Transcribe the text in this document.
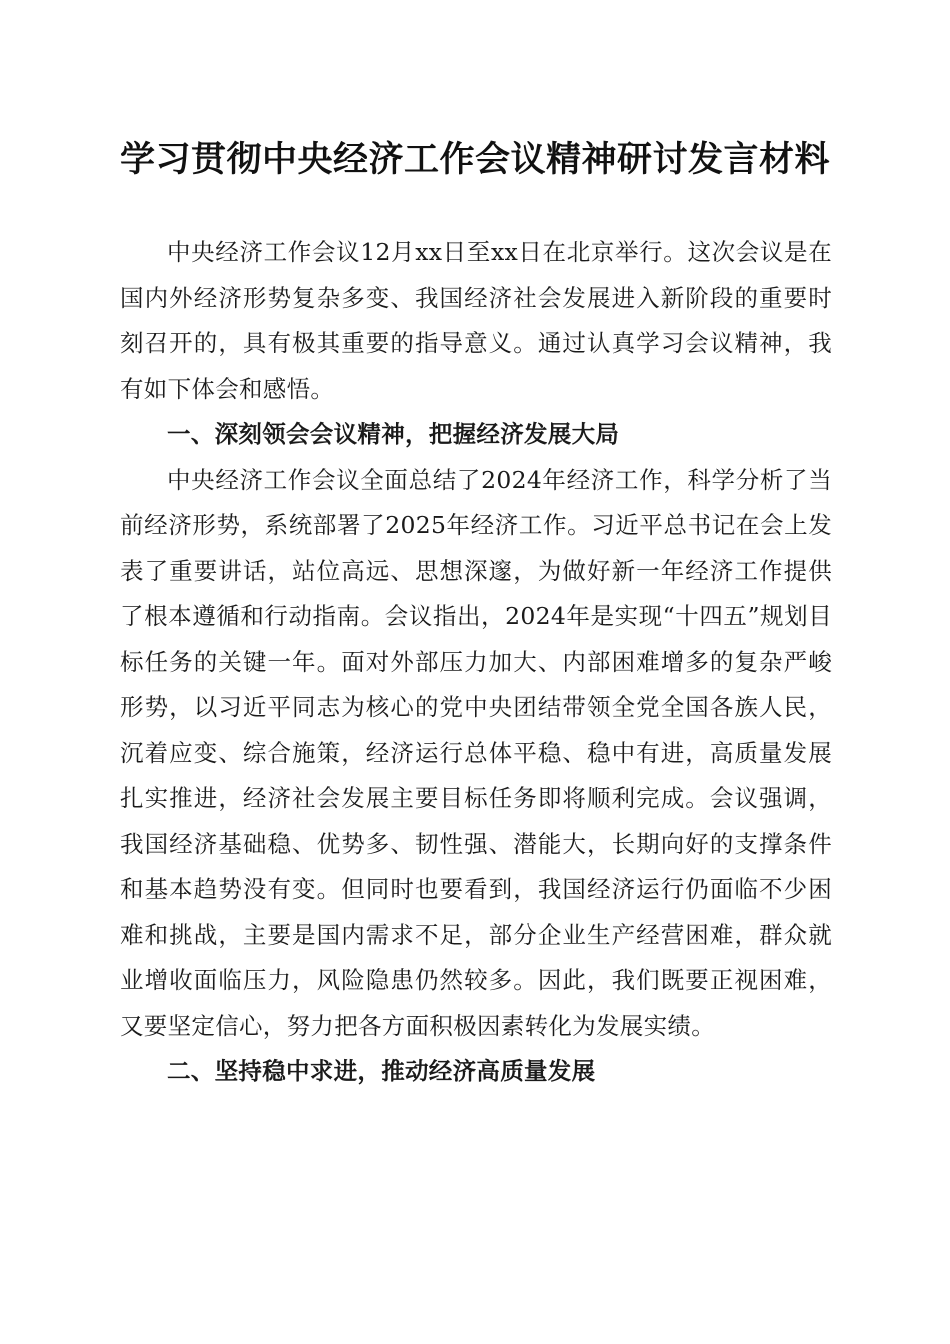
学习贯彻中央经济工作会议精神研讨发言材料

中央经济工作会议12月xx日至xx日在北京举行。这次会议是在国内外经济形势复杂多变、我国经济社会发展进入新阶段的重要时刻召开的，具有极其重要的指导意义。通过认真学习会议精神，我有如下体会和感悟。

一、深刻领会会议精神，把握经济发展大局

中央经济工作会议全面总结了2024年经济工作，科学分析了当前经济形势，系统部署了2025年经济工作。习近平总书记在会上发表了重要讲话，站位高远、思想深邃，为做好新一年经济工作提供了根本遵循和行动指南。会议指出，2024年是实现“十四五”规划目标任务的关键一年。面对外部压力加大、内部困难增多的复杂严峻形势，以习近平同志为核心的党中央团结带领全党全国各族人民，沉着应变、综合施策，经济运行总体平稳、稳中有进，高质量发展扎实推进，经济社会发展主要目标任务即将顺利完成。会议强调，我国经济基础稳、优势多、韧性强、潜能大，长期向好的支撑条件和基本趋势没有变。但同时也要看到，我国经济运行仍面临不少困难和挑战，主要是国内需求不足，部分企业生产经营困难，群众就业增收面临压力，风险隐患仍然较多。因此，我们既要正视困难，又要坚定信心，努力把各方面积极因素转化为发展实绩。

二、坚持稳中求进，推动经济高质量发展
